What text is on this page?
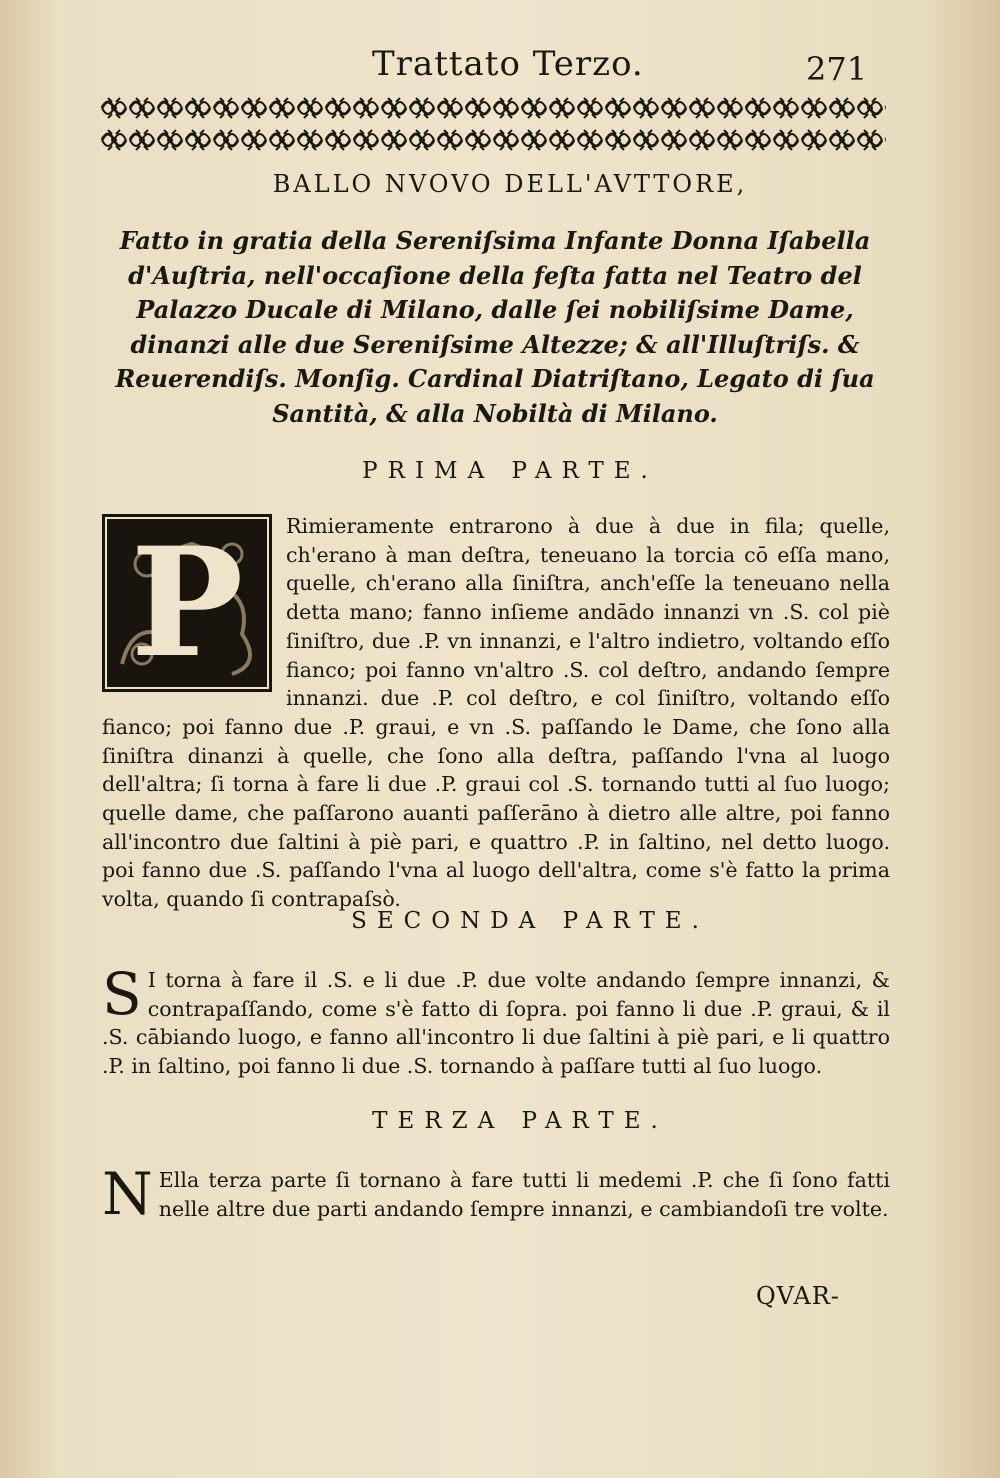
Trattato Terzo.	271
BALLO NVOVO DELL'AVTTORE,
Fatto in gratia della Sereniſsima Infante Donna Iſabella d'Auſtria, nell'occaſione della feſta fatta nel Teatro del Palazzo Ducale di Milano, dalle ſei nobiliſsime Dame, dinanzi alle due Sereniſsime Altezze; & all'Illuſtriſs. & Reuerendiſs. Monſig. Cardinal Diatriſtano, Legato di ſua Santità, & alla Nobiltà di Milano.
PRIMA PARTE.
P	Rimieramente entrarono à due à due in fila; quelle, ch'erano à man deſtra, teneuano la torcia cō eſſa mano, quelle, ch'erano alla ſiniſtra, anch'eſſe la teneuano nella detta mano; fanno inſieme andādo innanzi vn .S. col piè ſiniſtro, due .P. vn innanzi, e l'altro indietro, voltando eſſo fianco; poi fanno vn'altro .S. col deſtro, andando ſempre innanzi. due .P. col deſtro, e col ſiniſtro, voltando eſſo fianco; poi fanno due .P. graui, e vn .S. paſſando le Dame, che ſono alla ſiniſtra dinanzi à quelle, che ſono alla deſtra, paſſando l'vna al luogo dell'altra; ſi torna à fare li due .P. graui col .S. tornando tutti al ſuo luogo; quelle dame, che paſſarono auanti paſſerāno à dietro alle altre, poi fanno all'incontro due ſaltini à piè pari, e quattro .P. in ſaltino, nel detto luogo. poi fanno due .S. paſſando l'vna al luogo dell'altra, come s'è fatto la prima volta, quando ſi contrapaſsò.
SECONDA PARTE.
S I torna à fare il .S. e li due .P. due volte andando ſempre innanzi, & contrapaſſando, come s'è fatto di ſopra. poi fanno li due .P. graui, & il .S. cābiando luogo, e fanno all'incontro li due ſaltini à piè pari, e li quattro .P. in ſaltino, poi fanno li due .S. tornando à paſſare tutti al ſuo luogo.
TERZA PARTE.
N Ella terza parte ſi tornano à fare tutti li medemi .P. che ſi ſono fatti nelle altre due parti andando ſempre innanzi, e cambiandoſi tre volte.
QVAR-
